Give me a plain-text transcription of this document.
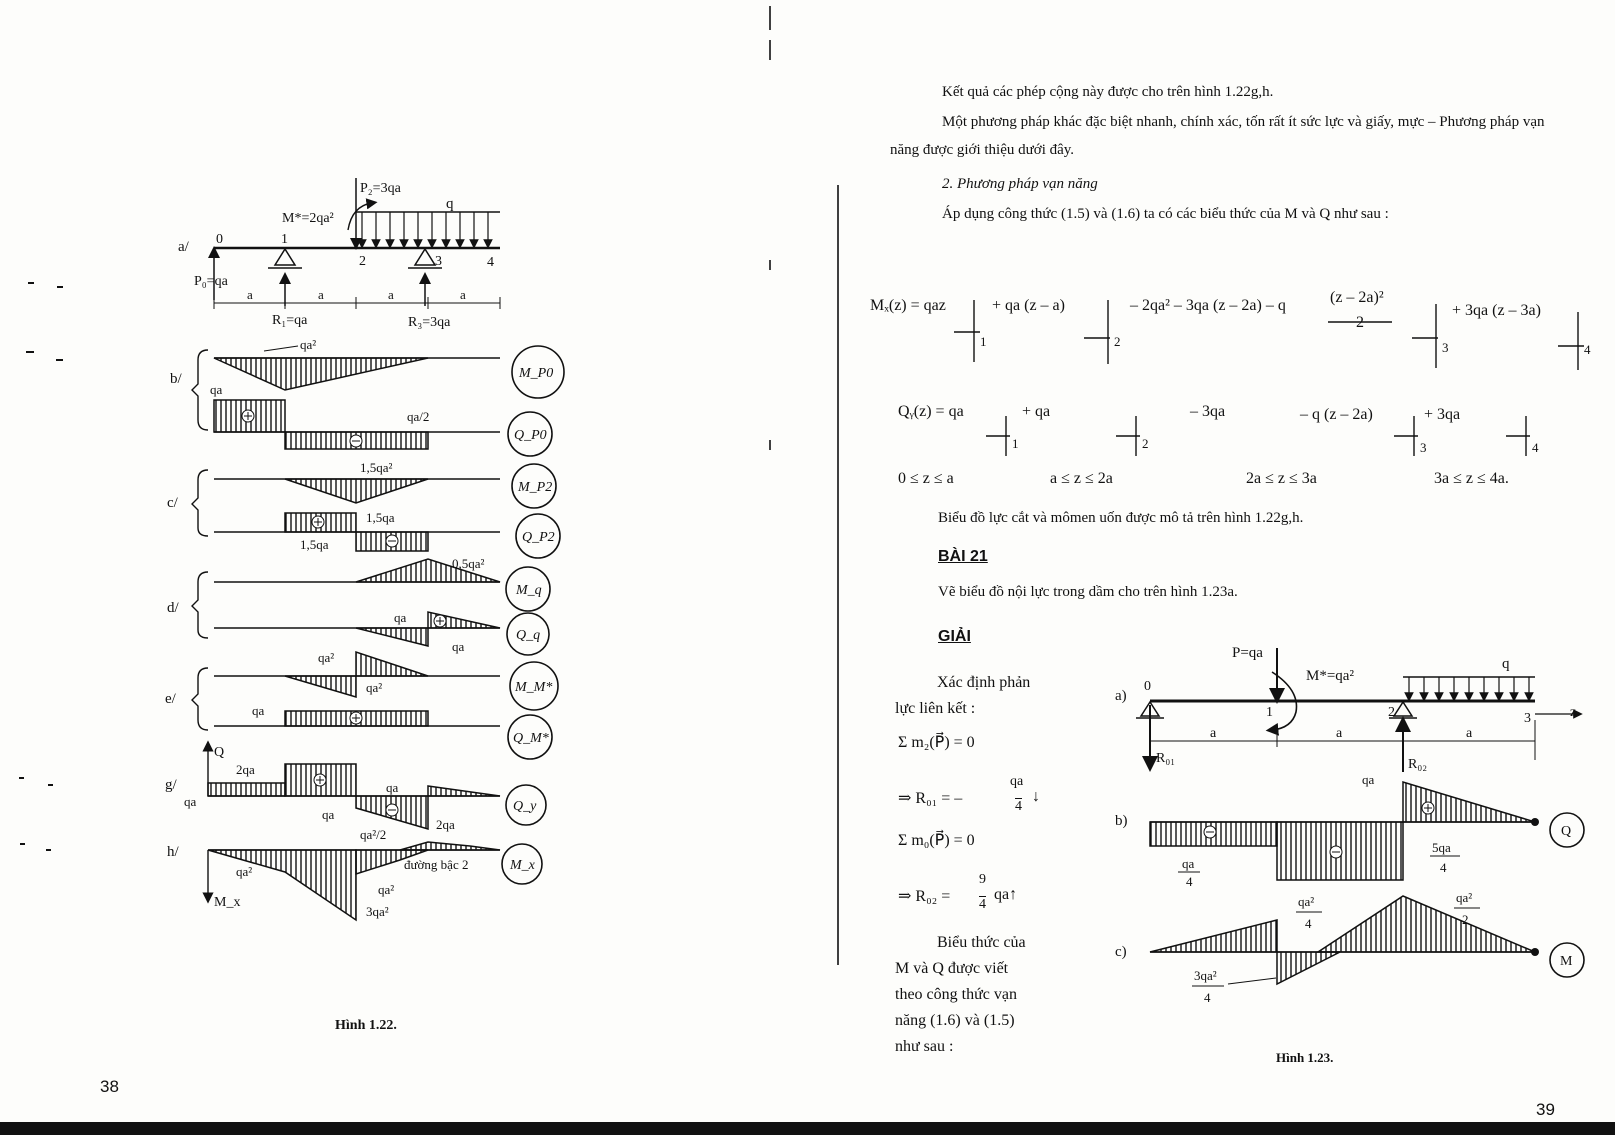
a/ 0	1
2	3	4
q
P₂=3qa
M*=2qa²
P₀=qa
R₁=qa	R₃=3qa
a	a	a	a
b/
qa²
qa
qa/2
c/
1,5qa²
1,5qa
1,5qa
d/
0,5qa²
qa
qa
e/
qa²
qa²
qa
g/
Q
2qa
qa
qa
qa
2qa
h/
M_x
qa²/2
qa²	đường bậc 2
qa²
3qa²
M_P0
Q_P0
M_P2
Q_P2
M_q
Q_q
M_M*
Q_M*
Q_y
M_x
Hình 1.22.
38

Kết quả các phép cộng này được cho trên hình 1.22g,h.

Một phương pháp khác đặc biệt nhanh, chính xác, tốn rất ít sức lực và giấy, mực – Phương pháp vạn năng được giới thiệu dưới đây.

2. Phương pháp vạn năng

Áp dụng công thức (1.5) và (1.6) ta có các biểu thức của M và Q như sau :

Mₓ(z) = qaz	+ qa (z – a)	– 2qa² – 3qa (z – 2a) – q	(z – 2a)²
2
+ 3qa (z – 3a)
1	2	3	4
Qᵧ(z) = qa	+ qa	– 3qa	– q (z – 2a)	+ 3qa
1	2	3	4
0 ≤ z ≤ a	a ≤ z ≤ 2a	2a ≤ z ≤ 3a	3a ≤ z ≤ 4a.

Biểu đồ lực cắt và mômen uốn được mô tả trên hình 1.22g,h.

BÀI 21
Vẽ biểu đồ nội lực trong dầm cho trên hình 1.23a.
GIẢI

Xác định phản

lực liên kết :

Σ m₂(P⃗) = 0
⇒ R₀₁ = –
qa
4
↓
Σ m₀(P⃗) = 0
⇒ R₀₂ =
9
4
qa↑

Biểu thức của

M và Q được viết

theo công thức vạn

năng (1.6) và (1.5)

như sau :

a)
z
0
1	2	3
q
P=qa
M*=qa²
R₀₁	R₀₂
a	a	a
b)
qa
qa
4
5qa
4
Q
c)
qa²
4
qa²
2
3qa²
4
M
Hình 1.23.
39
